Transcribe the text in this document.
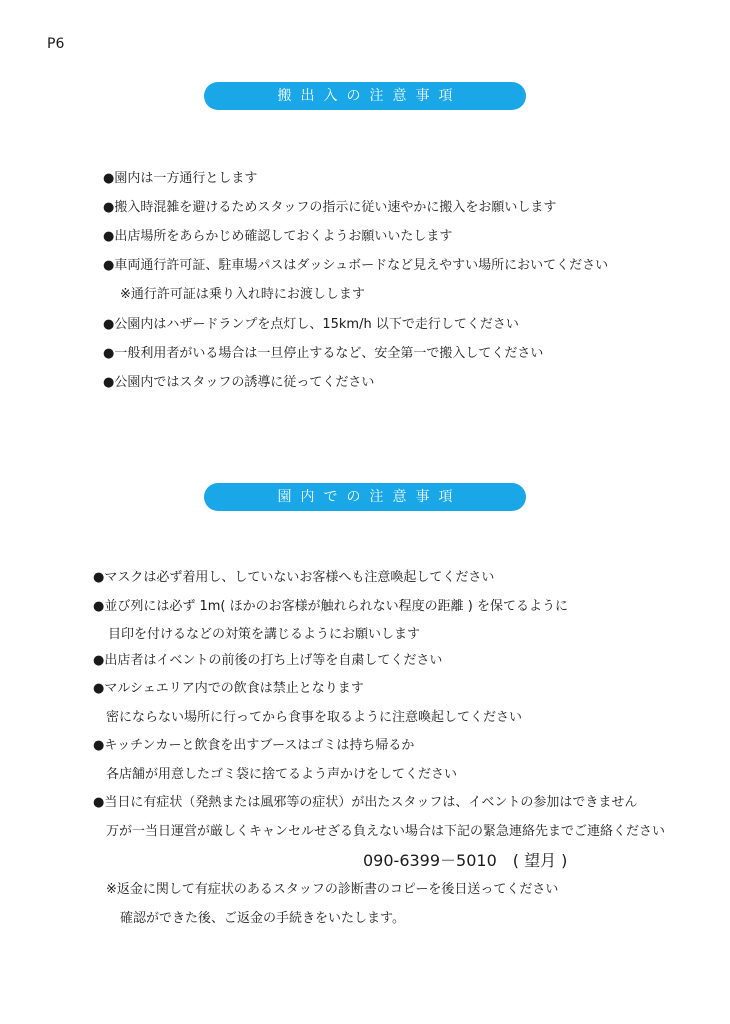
P6
搬出入の注意事項
●園内は一方通行とします
●搬入時混雑を避けるためスタッフの指示に従い速やかに搬入をお願いします
●出店場所をあらかじめ確認しておくようお願いいたします
●車両通行許可証、駐車場パスはダッシュボードなど見えやすい場所においてください
※通行許可証は乗り入れ時にお渡しします
●公園内はハザードランプを点灯し、15km/h 以下で走行してください
●一般利用者がいる場合は一旦停止するなど、安全第一で搬入してください
●公園内ではスタッフの誘導に従ってください
園内での注意事項
●マスクは必ず着用し、していないお客様へも注意喚起してください
●並び列には必ず 1m( ほかのお客様が触れられない程度の距離 ) を保てるように
目印を付けるなどの対策を講じるようにお願いします
●出店者はイベントの前後の打ち上げ等を自粛してください
●マルシェエリア内での飲食は禁止となります
密にならない場所に行ってから食事を取るように注意喚起してください
●キッチンカーと飲食を出すブースはゴミは持ち帰るか
各店舗が用意したゴミ袋に捨てるよう声かけをしてください
●当日に有症状（発熱または風邪等の症状）が出たスタッフは、イベントの参加はできません
万が一当日運営が厳しくキャンセルせざる負えない場合は下記の緊急連絡先までご連絡ください
090-6399－5010　( 望月 )
※返金に関して有症状のあるスタッフの診断書のコピーを後日送ってください
確認ができた後、ご返金の手続きをいたします。
